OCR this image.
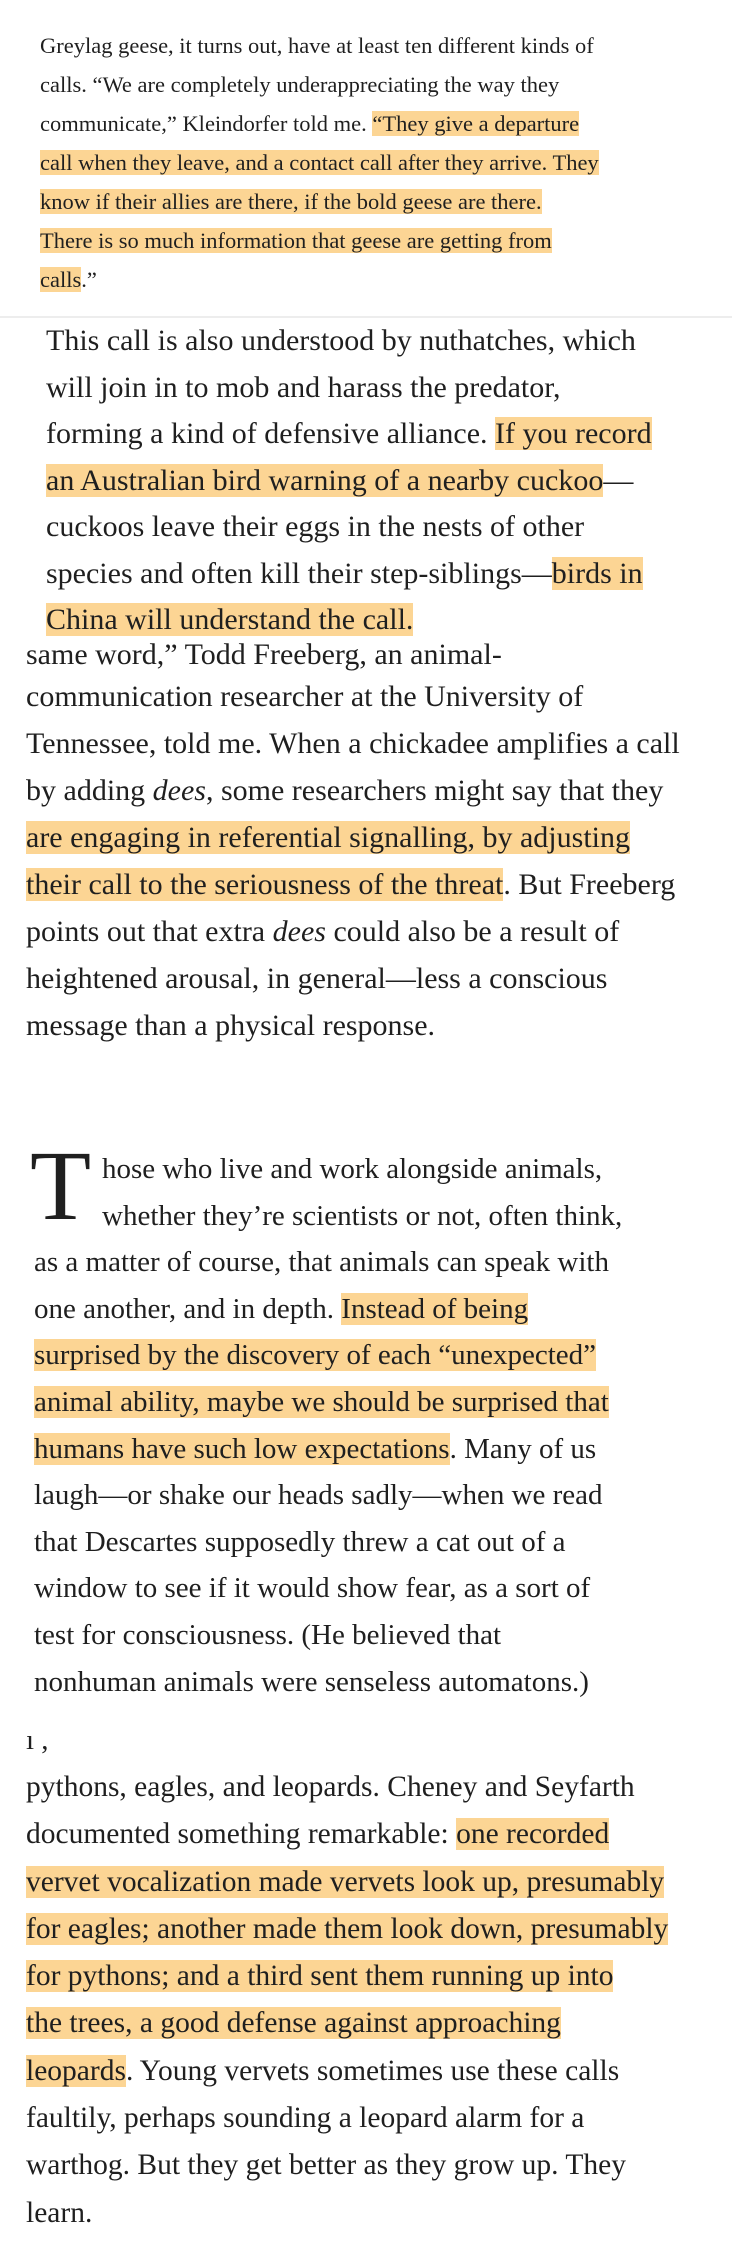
Greylag geese, it turns out, have at least ten different kinds of
calls. “We are completely underappreciating the way they
communicate,” Kleindorfer told me. “They give a departure
call when they leave, and a contact call after they arrive. They
know if their allies are there, if the bold geese are there.
There is so much information that geese are getting from
calls.”

This call is also understood by nuthatches, which
will join in to mob and harass the predator,
forming a kind of defensive alliance. If you record
an Australian bird warning of a nearby cuckoo—
cuckoos leave their eggs in the nests of other
species and often kill their step-siblings—birds in
China will understand the call.

same word,” Todd Freeberg, an animal-

communication researcher at the University of
Tennessee, told me. When a chickadee amplifies a call
by adding dees, some researchers might say that they
are engaging in referential signalling, by adjusting
their call to the seriousness of the threat. But Freeberg
points out that extra dees could also be a result of
heightened arousal, in general—less a conscious
message than a physical response.

T hose who live and work alongside animals,
whether they’re scientists or not, often think,
as a matter of course, that animals can speak with
one another, and in depth. Instead of being
surprised by the discovery of each “unexpected”
animal ability, maybe we should be surprised that
humans have such low expectations. Many of us
laugh—or shake our heads sadly—when we read
that Descartes supposedly threw a cat out of a
window to see if it would show fear, as a sort of
test for consciousness. (He believed that
nonhuman animals were senseless automatons.)

ı ,

pythons, eagles, and leopards. Cheney and Seyfarth
documented something remarkable: one recorded
vervet vocalization made vervets look up, presumably
for eagles; another made them look down, presumably
for pythons; and a third sent them running up into
the trees, a good defense against approaching
leopards. Young vervets sometimes use these calls
faultily, perhaps sounding a leopard alarm for a
warthog. But they get better as they grow up. They
learn.
